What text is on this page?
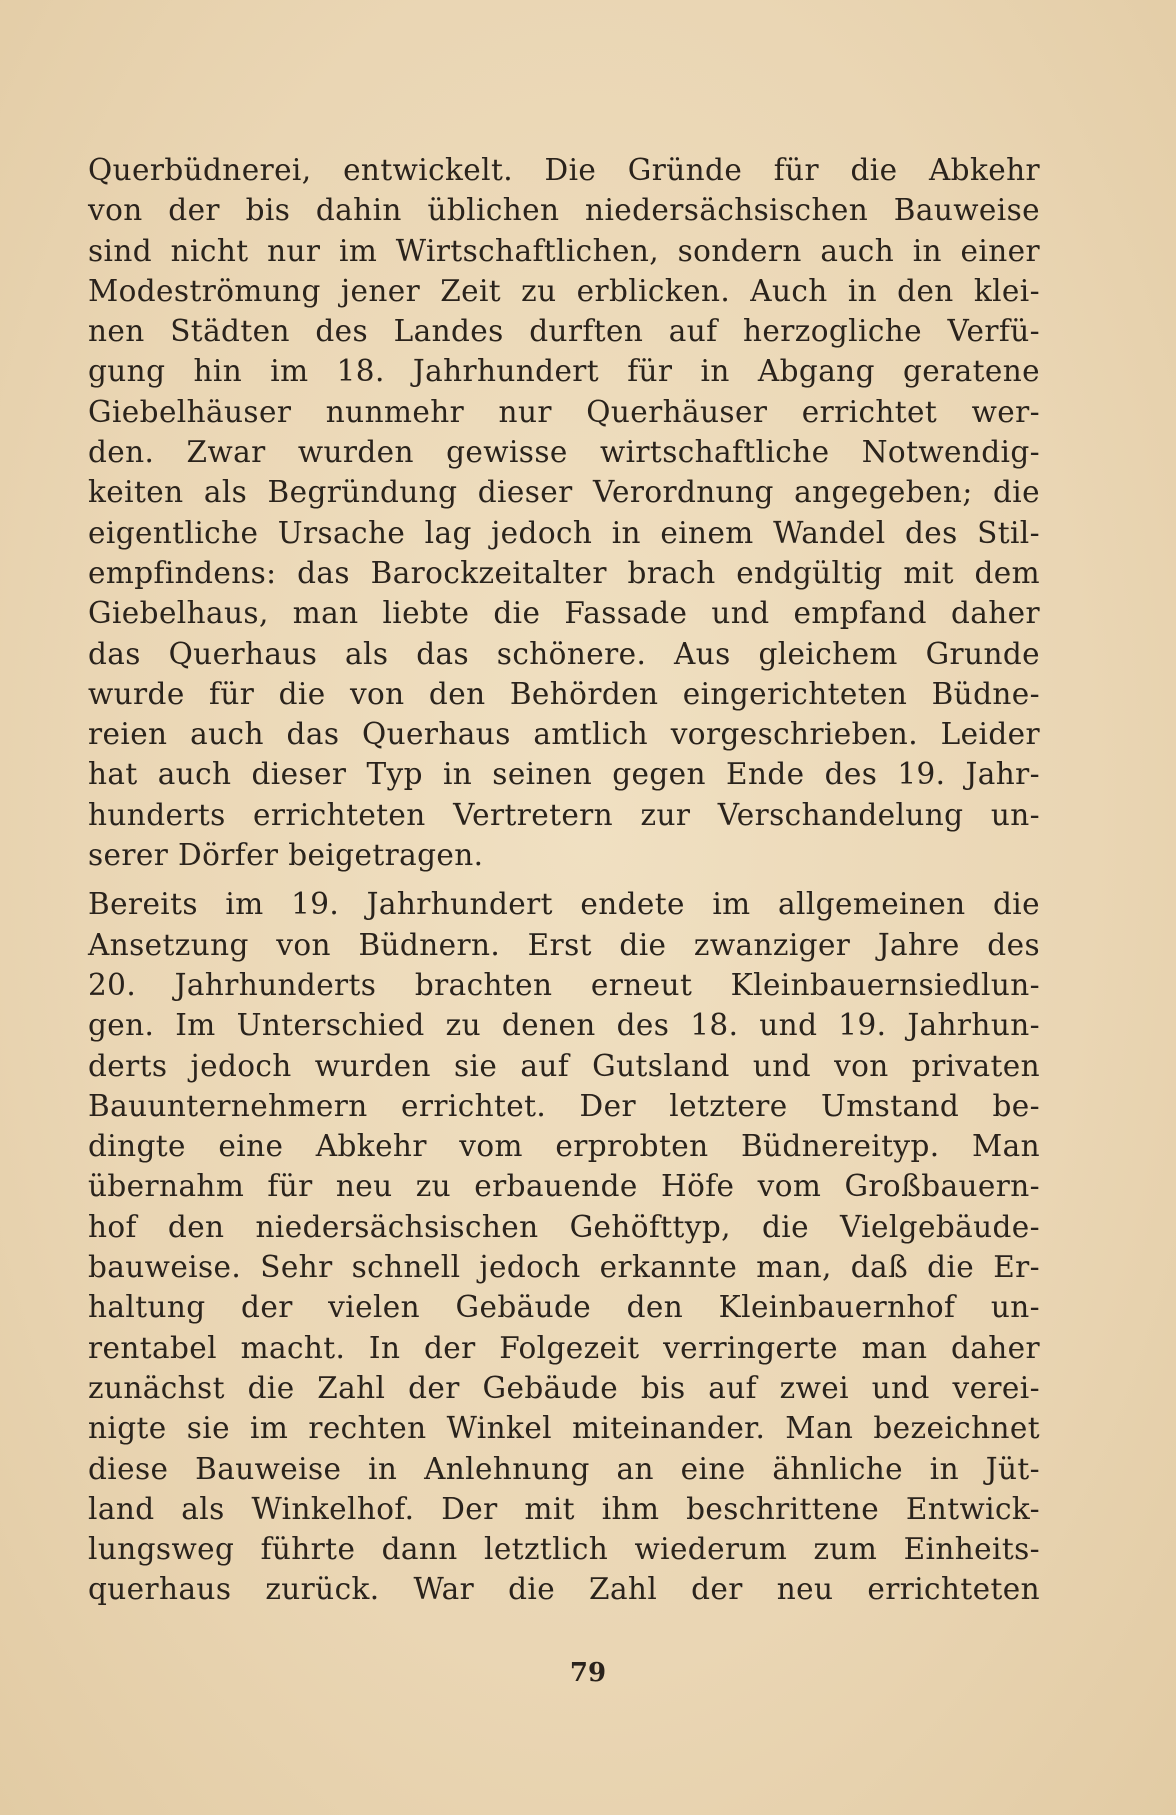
Querbüdnerei, entwickelt. Die Gründe für die Abkehr
von der bis dahin üblichen niedersächsischen Bauweise
sind nicht nur im Wirtschaftlichen, sondern auch in einer
Modeströmung jener Zeit zu erblicken. Auch in den klei-
nen Städten des Landes durften auf herzogliche Verfü-
gung hin im 18. Jahrhundert für in Abgang geratene
Giebelhäuser nunmehr nur Querhäuser errichtet wer-
den. Zwar wurden gewisse wirtschaftliche Notwendig-
keiten als Begründung dieser Verordnung angegeben; die
eigentliche Ursache lag jedoch in einem Wandel des Stil-
empfindens: das Barockzeitalter brach endgültig mit dem
Giebelhaus, man liebte die Fassade und empfand daher
das Querhaus als das schönere. Aus gleichem Grunde
wurde für die von den Behörden eingerichteten Büdne-
reien auch das Querhaus amtlich vorgeschrieben. Leider
hat auch dieser Typ in seinen gegen Ende des 19. Jahr-
hunderts errichteten Vertretern zur Verschandelung un-
serer Dörfer beigetragen.
Bereits im 19. Jahrhundert endete im allgemeinen die
Ansetzung von Büdnern. Erst die zwanziger Jahre des
20. Jahrhunderts brachten erneut Kleinbauernsiedlun-
gen. Im Unterschied zu denen des 18. und 19. Jahrhun-
derts jedoch wurden sie auf Gutsland und von privaten
Bauunternehmern errichtet. Der letztere Umstand be-
dingte eine Abkehr vom erprobten Büdnereityp. Man
übernahm für neu zu erbauende Höfe vom Großbauern-
hof den niedersächsischen Gehöfttyp, die Vielgebäude-
bauweise. Sehr schnell jedoch erkannte man, daß die Er-
haltung der vielen Gebäude den Kleinbauernhof un-
rentabel macht. In der Folgezeit verringerte man daher
zunächst die Zahl der Gebäude bis auf zwei und verei-
nigte sie im rechten Winkel miteinander. Man bezeichnet
diese Bauweise in Anlehnung an eine ähnliche in Jüt-
land als Winkelhof. Der mit ihm beschrittene Entwick-
lungsweg führte dann letztlich wiederum zum Einheits-
querhaus zurück. War die Zahl der neu errichteten
79
